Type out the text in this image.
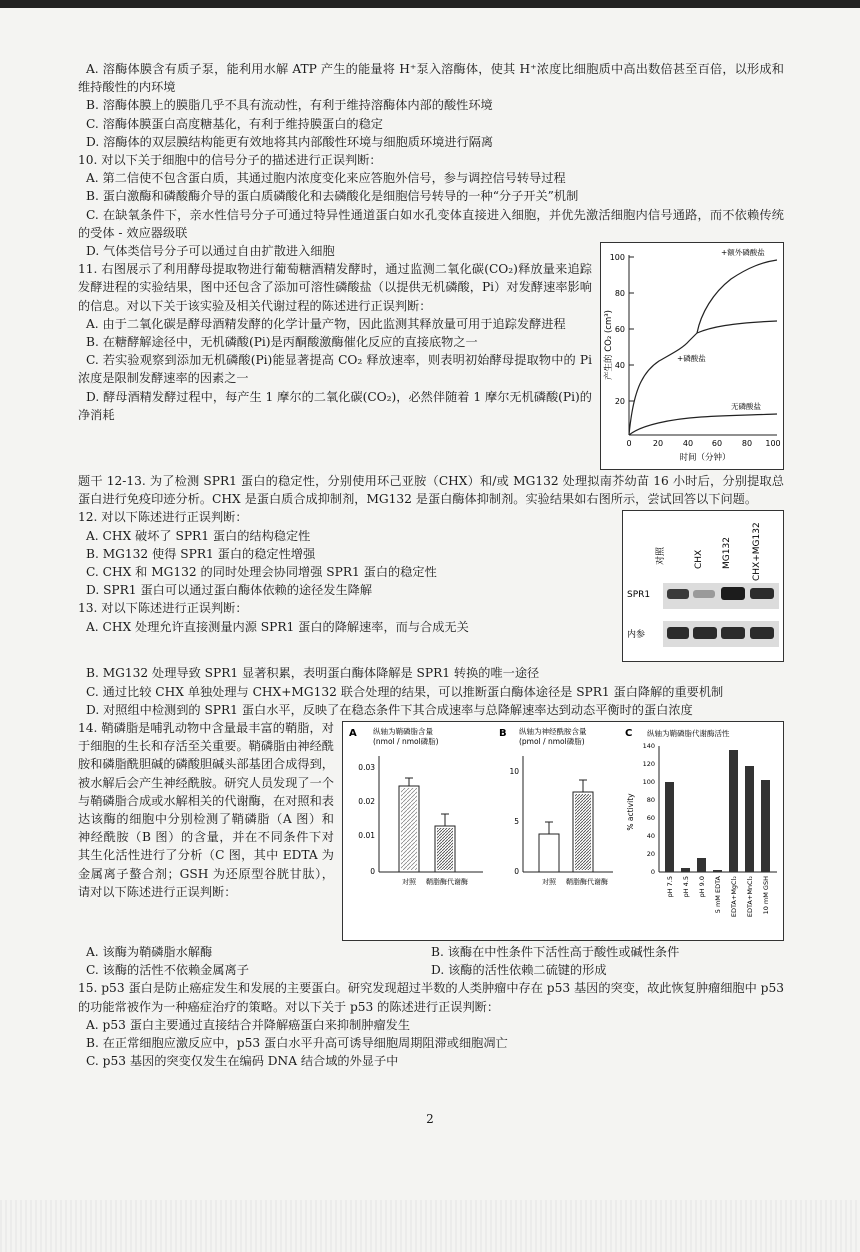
A. 溶酶体膜含有质子泵，能利用水解 ATP 产生的能量将 H⁺泵入溶酶体，使其 H⁺浓度比细胞质中高出数倍甚至百倍，以形成和维持酸性的内环境

B. 溶酶体膜上的膜脂几乎不具有流动性，有利于维持溶酶体内部的酸性环境

C. 溶酶体膜蛋白高度糖基化，有利于维持膜蛋白的稳定

D. 溶酶体的双层膜结构能更有效地将其内部酸性环境与细胞质环境进行隔离

10. 对以下关于细胞中的信号分子的描述进行正误判断：

A. 第二信使不包含蛋白质，其通过胞内浓度变化来应答胞外信号，参与调控信号转导过程

B. 蛋白激酶和磷酸酶介导的蛋白质磷酸化和去磷酸化是细胞信号转导的一种“分子开关”机制

C. 在缺氧条件下，亲水性信号分子可通过特异性通道蛋白如水孔变体直接进入细胞，并优先激活细胞内信号通路，而不依赖传统的受体 - 效应器级联

100
80
60
40
20
0	20 40 60 80 100
时间（分钟）
产生的 CO₂ (cm³)
+额外磷酸盐
+磷酸盐
无磷酸盐

D. 气体类信号分子可以通过自由扩散进入细胞

11. 右图展示了利用酵母提取物进行葡萄糖酒精发酵时，通过监测二氧化碳(CO₂)释放量来追踪发酵进程的实验结果，图中还包含了添加可溶性磷酸盐（以提供无机磷酸，Pi）对发酵速率影响的信息。对以下关于该实验及相关代谢过程的陈述进行正误判断：

A. 由于二氧化碳是酵母酒精发酵的化学计量产物，因此监测其释放量可用于追踪发酵进程

B. 在糖酵解途径中，无机磷酸(Pi)是丙酮酸激酶催化反应的直接底物之一

C. 若实验观察到添加无机磷酸(Pi)能显著提高 CO₂ 释放速率，则表明初始酵母提取物中的 Pi 浓度是限制发酵速率的因素之一

D. 酵母酒精发酵过程中，每产生 1 摩尔的二氧化碳(CO₂)，必然伴随着 1 摩尔无机磷酸(Pi)的净消耗

题干 12-13. 为了检测 SPR1 蛋白的稳定性，分别使用环己亚胺（CHX）和/或 MG132 处理拟南芥幼苗 16 小时后，分别提取总蛋白进行免疫印迹分析。CHX 是蛋白质合成抑制剂，MG132 是蛋白酶体抑制剂。实验结果如右图所示，尝试回答以下问题。

对照	CHX MG132 CHX+MG132
SPR1
内参

12. 对以下陈述进行正误判断：

A. CHX 破坏了 SPR1 蛋白的结构稳定性

B. MG132 使得 SPR1 蛋白的稳定性增强

C. CHX 和 MG132 的同时处理会协同增强 SPR1 蛋白的稳定性

D. SPR1 蛋白可以通过蛋白酶体依赖的途径发生降解

13. 对以下陈述进行正误判断：

A. CHX 处理允许直接测量内源 SPR1 蛋白的降解速率，而与合成无关

B. MG132 处理导致 SPR1 显著积累，表明蛋白酶体降解是 SPR1 转换的唯一途径

C. 通过比较 CHX 单独处理与 CHX+MG132 联合处理的结果，可以推断蛋白酶体途径是 SPR1 蛋白降解的重要机制

D. 对照组中检测到的 SPR1 蛋白水平，反映了在稳态条件下其合成速率与总降解速率达到动态平衡时的蛋白浓度

A 纵轴为鞘磷脂含量
(nmol / nmol磷脂)
0.03
0.02
0.01
0
对照 鞘脂酶代谢酶
B 纵轴为神经酰胺含量
(pmol / nmol磷脂)
10
5
0
对照 鞘脂酶代谢酶
C 纵轴为鞘磷脂代谢酶活性
% activity
140
120
100
80
60
40
20
0
pH 7.5 pH 4.5 pH 9.0 5 mM EDTA EDTA+MgCl₂ EDTA+MnCl₂ 10 mM GSH

14. 鞘磷脂是哺乳动物中含量最丰富的鞘脂，对于细胞的生长和存活至关重要。鞘磷脂由神经酰胺和磷脂酰胆碱的磷酸胆碱头部基团合成得到，被水解后会产生神经酰胺。研究人员发现了一个与鞘磷脂合成或水解相关的代谢酶，在对照和表达该酶的细胞中分别检测了鞘磷脂（A 图）和神经酰胺（B 图）的含量，并在不同条件下对其生化活性进行了分析（C 图，其中 EDTA 为金属离子螯合剂；GSH 为还原型谷胱甘肽），请对以下陈述进行正误判断：

A. 该酶为鞘磷脂水解酶	B. 该酶在中性条件下活性高于酸性或碱性条件
C. 该酶的活性不依赖金属离子	D. 该酶的活性依赖二硫键的形成

15. p53 蛋白是防止癌症发生和发展的主要蛋白。研究发现超过半数的人类肿瘤中存在 p53 基因的突变，故此恢复肿瘤细胞中 p53 的功能常被作为一种癌症治疗的策略。对以下关于 p53 的陈述进行正误判断：

A. p53 蛋白主要通过直接结合并降解癌蛋白来抑制肿瘤发生

B. 在正常细胞应激反应中，p53 蛋白水平升高可诱导细胞周期阻滞或细胞凋亡

C. p53 基因的突变仅发生在编码 DNA 结合域的外显子中

2
